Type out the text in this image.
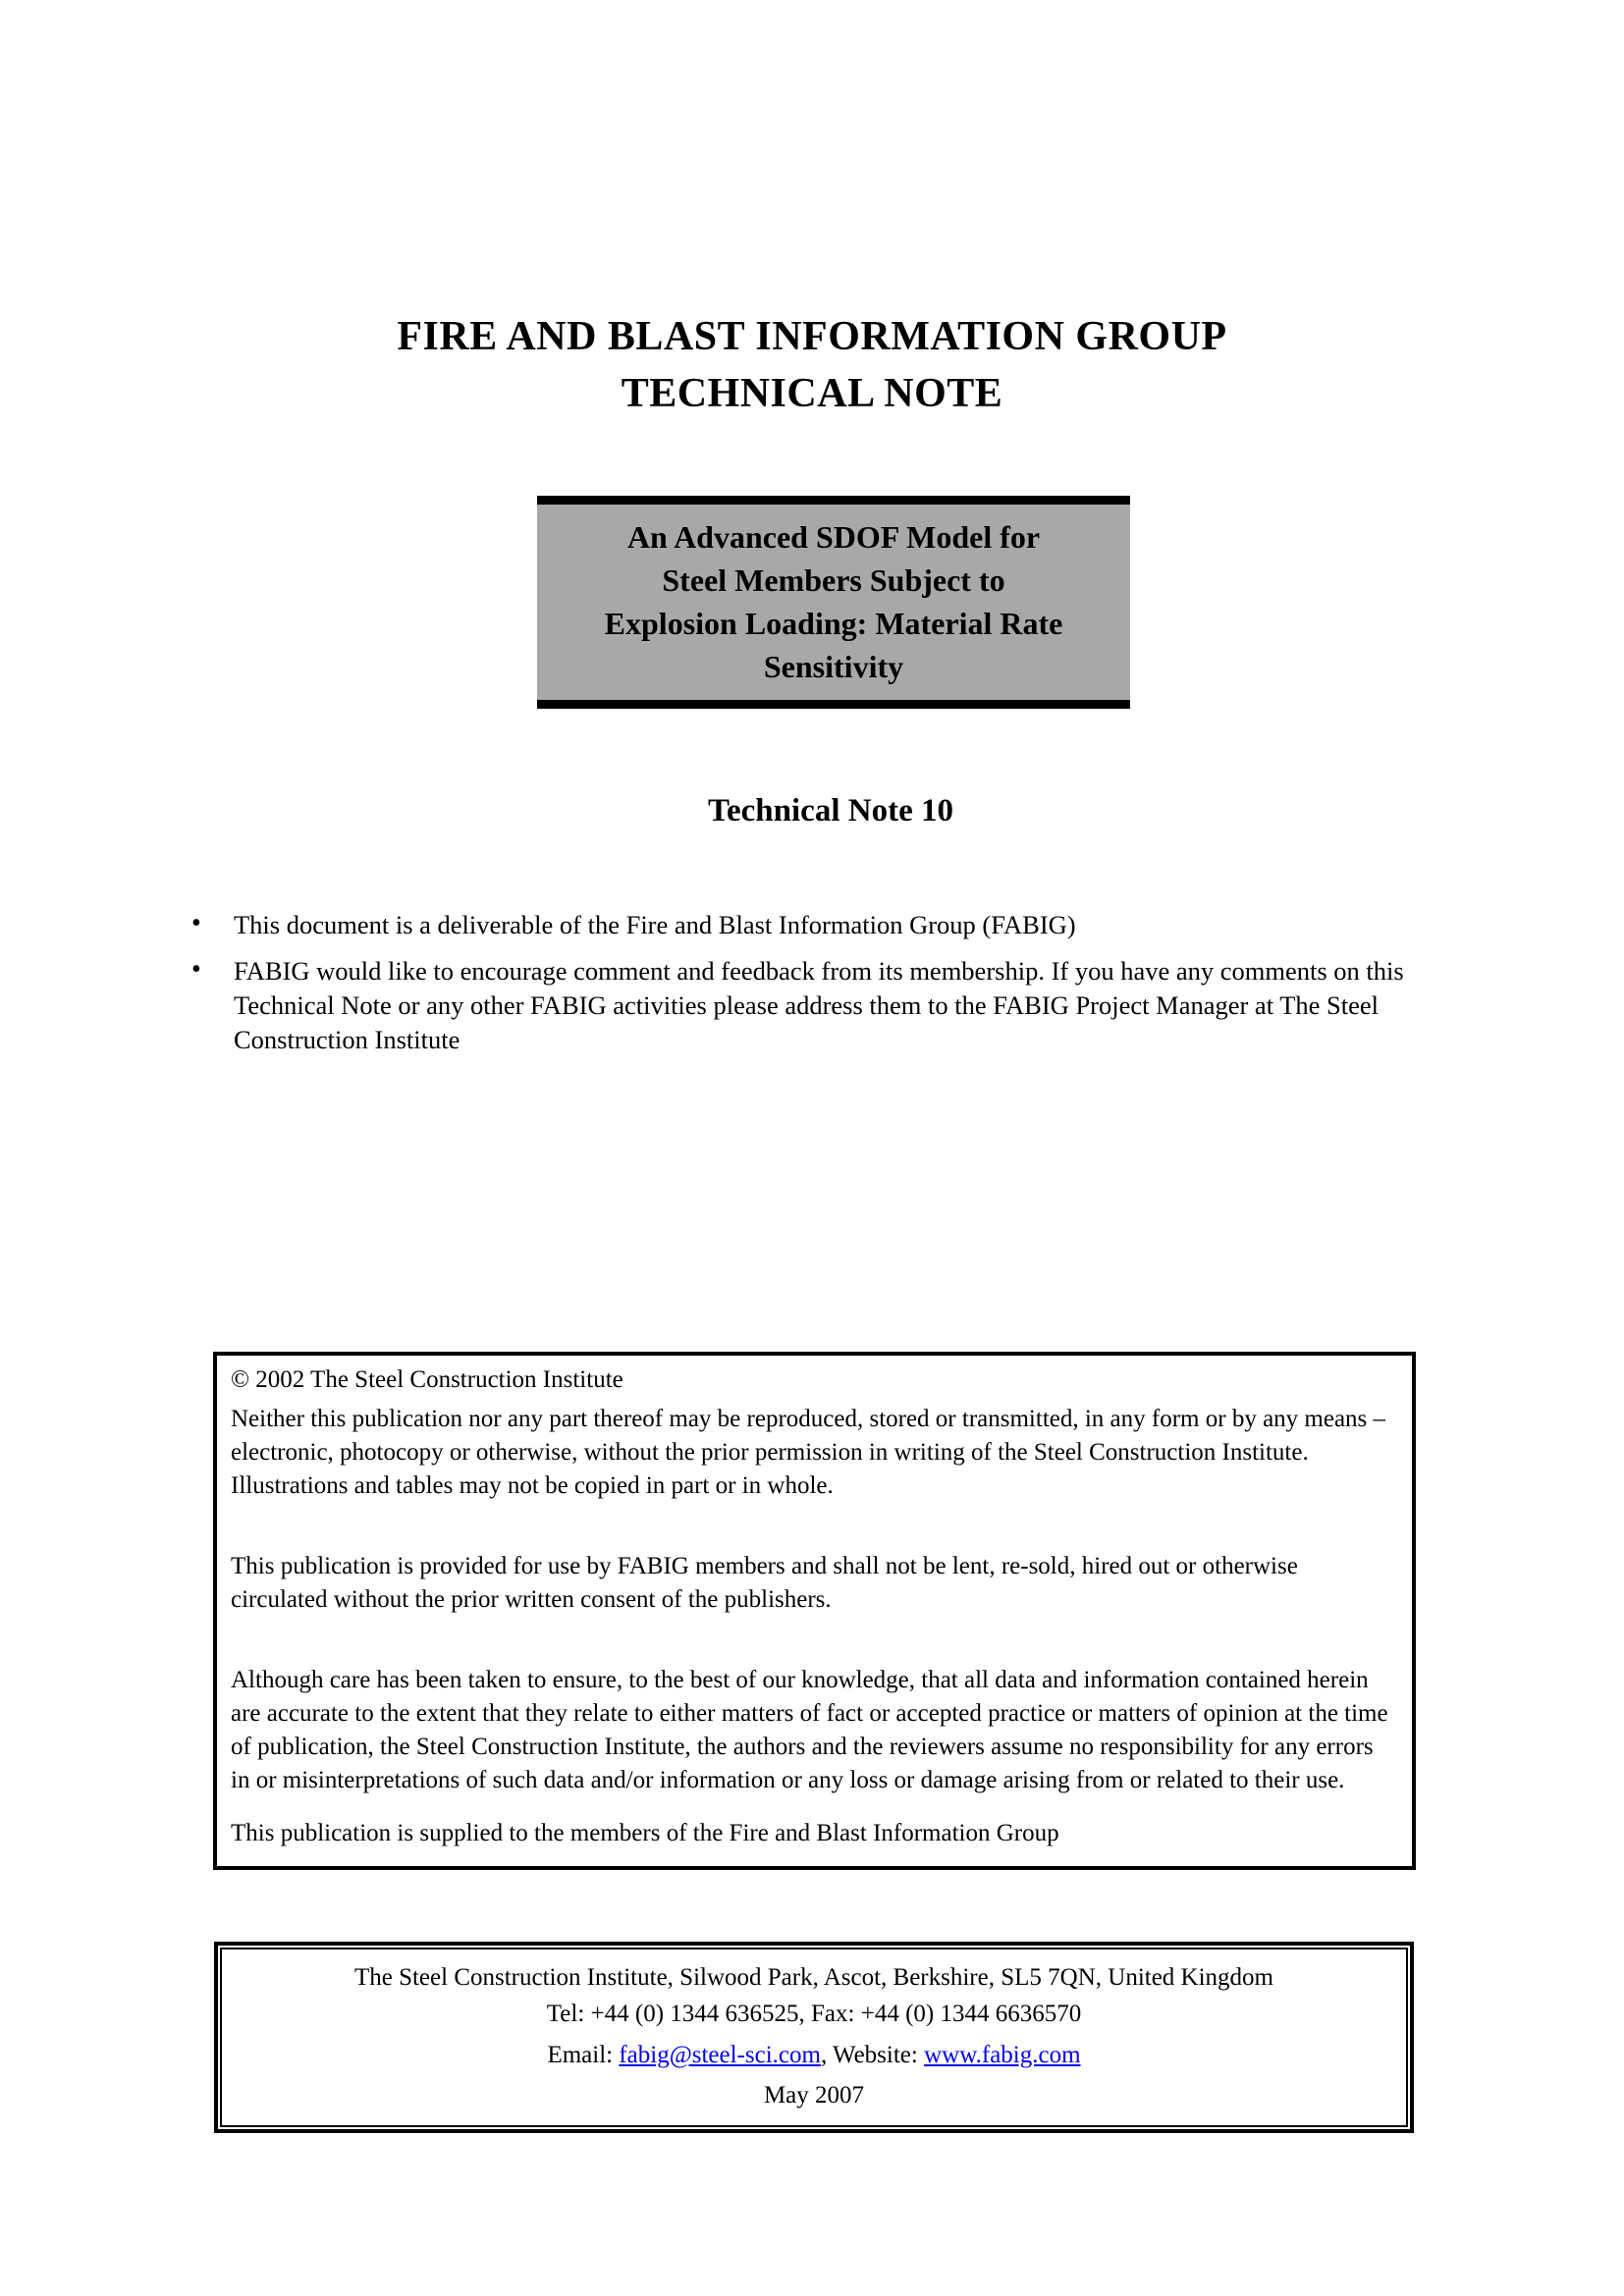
FIRE AND BLAST INFORMATION GROUP
TECHNICAL NOTE
An Advanced SDOF Model for
Steel Members Subject to
Explosion Loading: Material Rate
Sensitivity
Technical Note 10
• This document is a deliverable of the Fire and Blast Information Group (FABIG)
• FABIG would like to encourage comment and feedback from its membership. If you have any comments on this Technical Note or any other FABIG activities please address them to the FABIG Project Manager at The Steel Construction Institute

© 2002 The Steel Construction Institute

Neither this publication nor any part thereof may be reproduced, stored or transmitted, in any form or by any means – electronic, photocopy or otherwise, without the prior permission in writing of the Steel Construction Institute. Illustrations and tables may not be copied in part or in whole.

This publication is provided for use by FABIG members and shall not be lent, re-sold, hired out or otherwise circulated without the prior written consent of the publishers.

Although care has been taken to ensure, to the best of our knowledge, that all data and information contained herein are accurate to the extent that they relate to either matters of fact or accepted practice or matters of opinion at the time of publication, the Steel Construction Institute, the authors and the reviewers assume no responsibility for any errors in or misinterpretations of such data and/or information or any loss or damage arising from or related to their use.

This publication is supplied to the members of the Fire and Blast Information Group

The Steel Construction Institute, Silwood Park, Ascot, Berkshire, SL5 7QN, United Kingdom

Tel: +44 (0) 1344 636525, Fax: +44 (0) 1344 6636570

Email: fabig@steel-sci.com, Website: www.fabig.com

May 2007
